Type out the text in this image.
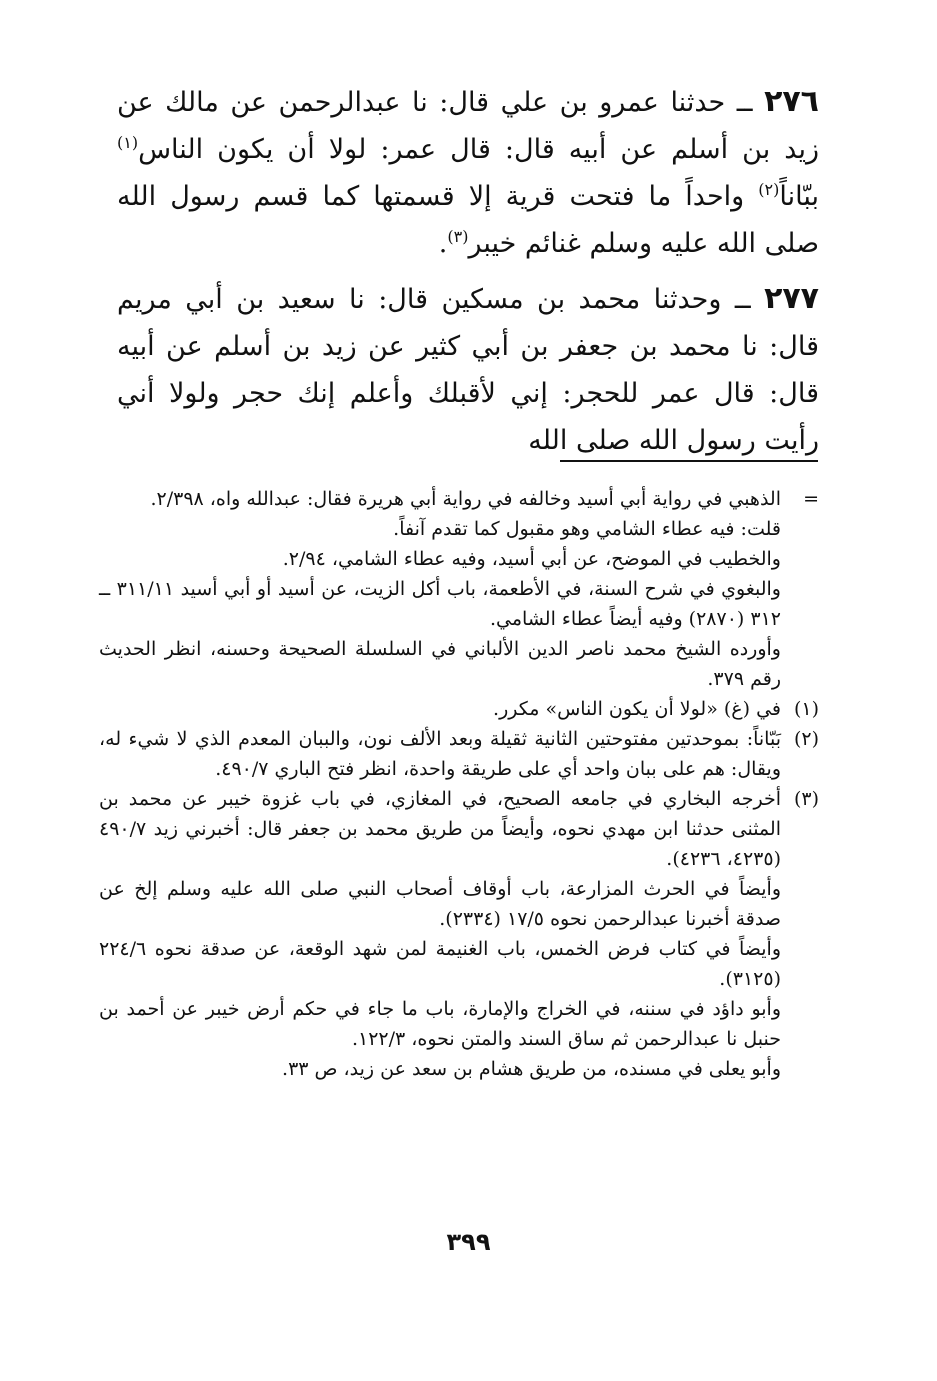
٢٧٦ ــ حدثنا عمرو بن علي قال: نا عبدالرحمن عن مالك عن زيد بن أسلم عن أبيه قال: قال عمر: لولا أن يكون الناس$^{(١)}$ ببّاناً$^{(٢)}$ واحداً ما فتحت قرية إلا قسمتها كما قسم رسول الله صلى الله عليه وسلم غنائم خيبر$^{(٣)}$.

٢٧٧ ــ وحدثنا محمد بن مسكين قال: نا سعيد بن أبي مريم قال: نا محمد بن جعفر بن أبي كثير عن زيد بن أسلم عن أبيه قال: قال عمر للحجر: إني لأقبلك وأعلم إنك حجر ولولا أني رأيت رسول الله صلى الله

=

الذهبي في رواية أبي أسيد وخالفه في رواية أبي هريرة فقال: عبدالله واه، ٢/٣٩٨.

قلت: فيه عطاء الشامي وهو مقبول كما تقدم آنفاً.

والخطيب في الموضح، عن أبي أسيد، وفيه عطاء الشامي، ٢/٩٤.

والبغوي في شرح السنة، في الأطعمة، باب أكل الزيت، عن أسيد أو أبي أسيد ٣١١/١١ ــ ٣١٢ (٢٨٧٠) وفيه أيضاً عطاء الشامي.

وأورده الشيخ محمد ناصر الدين الألباني في السلسلة الصحيحة وحسنه، انظر الحديث رقم ٣٧٩.

(١)

في (غ) «لولا أن يكون الناس» مكرر.

(٢)

بَبّاناً: بموحدتين مفتوحتين الثانية ثقيلة وبعد الألف نون، والببان المعدم الذي لا شيء له، ويقال: هم على ببان واحد أي على طريقة واحدة، انظر فتح الباري ٤٩٠/٧.

(٣)

أخرجه البخاري في جامعه الصحيح، في المغازي، في باب غزوة خيبر عن محمد بن المثنى حدثنا ابن مهدي نحوه، وأيضاً من طريق محمد بن جعفر قال: أخبرني زيد ٤٩٠/٧ (٤٢٣٥، ٤٢٣٦).

وأيضاً في الحرث المزارعة، باب أوقاف أصحاب النبي صلى الله عليه وسلم إلخ عن صدقة أخبرنا عبدالرحمن نحوه ١٧/٥ (٢٣٣٤).

وأيضاً في كتاب فرض الخمس، باب الغنيمة لمن شهد الوقعة، عن صدقة نحوه ٢٢٤/٦ (٣١٢٥).

وأبو داؤد في سننه، في الخراج والإمارة، باب ما جاء في حكم أرض خيبر عن أحمد بن حنبل نا عبدالرحمن ثم ساق السند والمتن نحوه، ١٢٢/٣.

وأبو يعلى في مسنده، من طريق هشام بن سعد عن زيد، ص ٣٣.

٣٩٩
